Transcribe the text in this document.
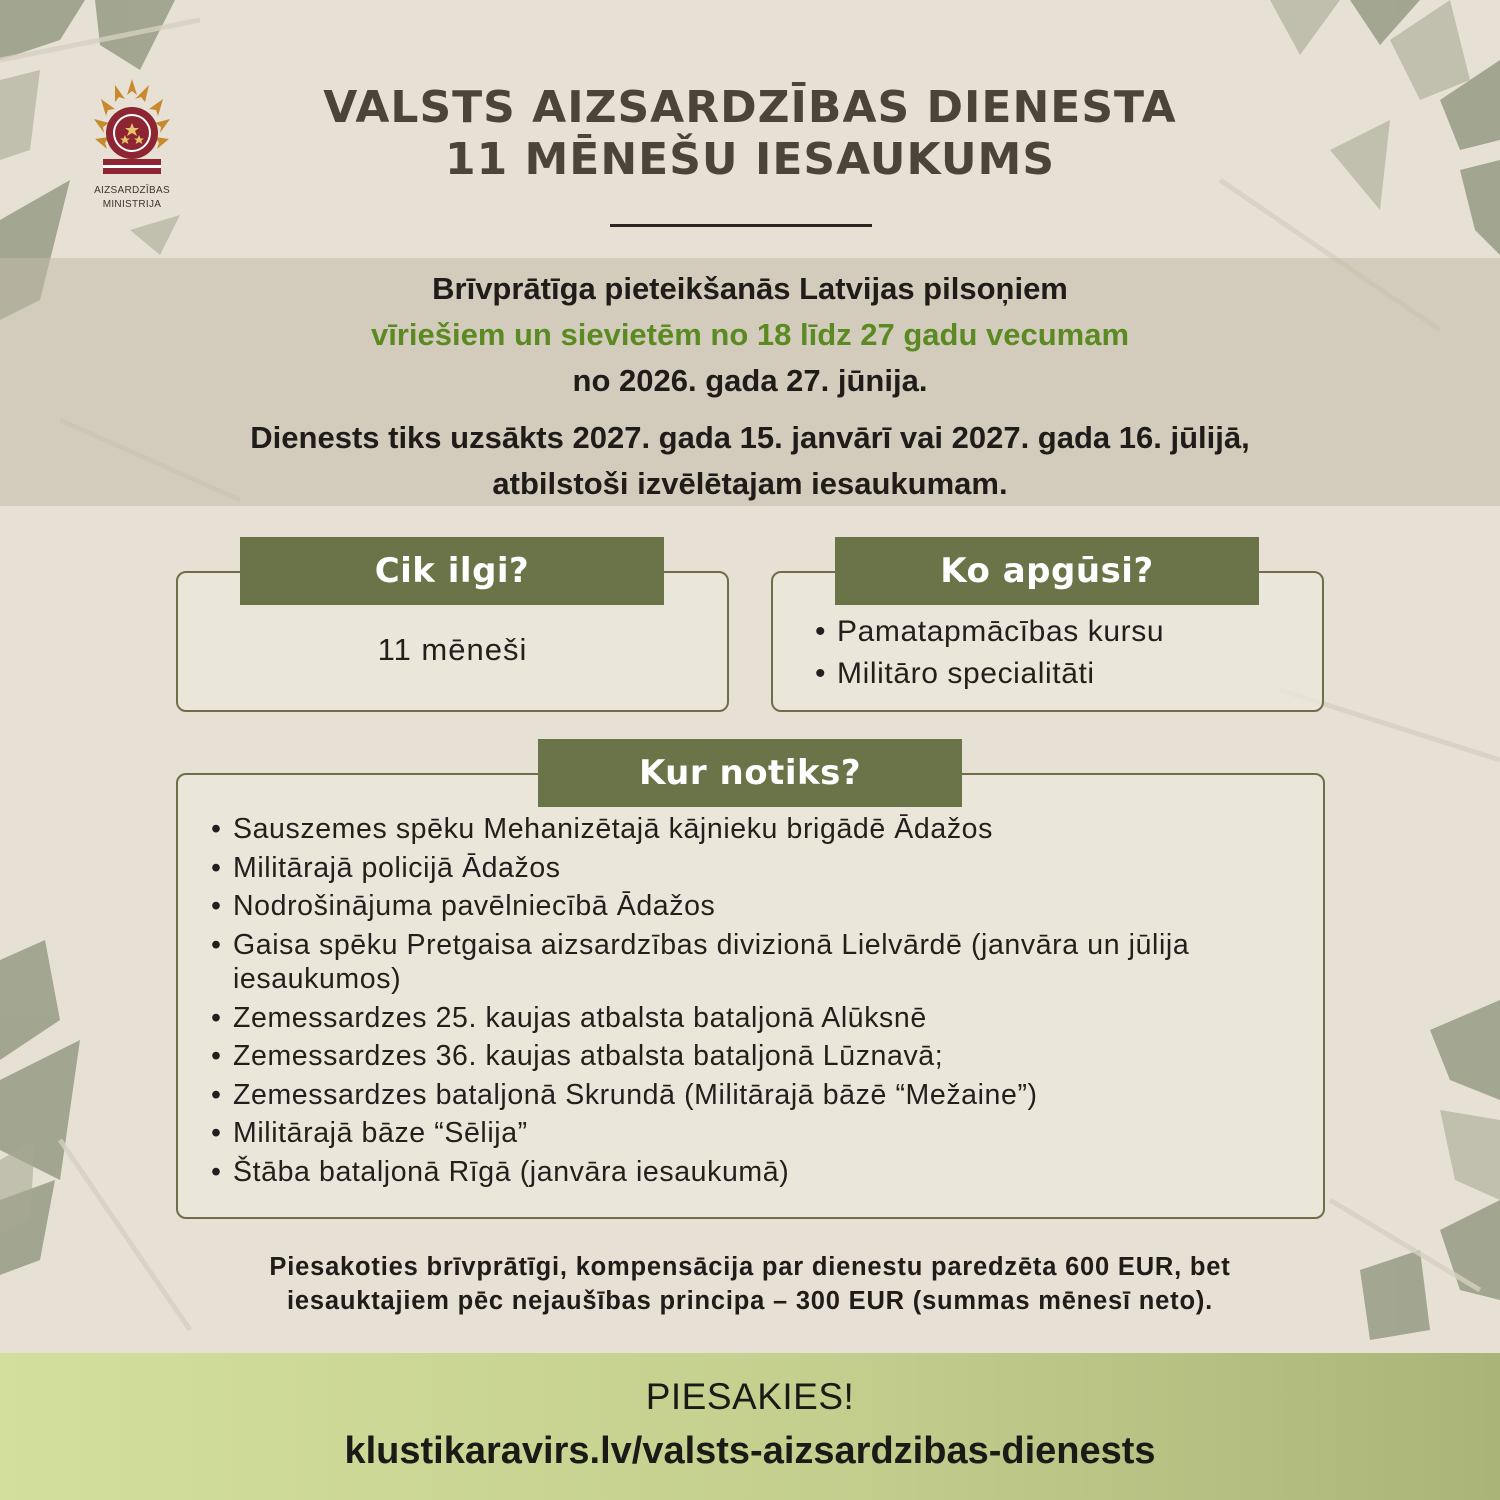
AIZSARDZĪBAS
MINISTRIJA
VALSTS AIZSARDZĪBAS DIENESTA
11 MĒNEŠU IESAUKUMS
Brīvprātīga pieteikšanās Latvijas pilsoņiem
vīriešiem un sievietēm no 18 līdz 27 gadu vecumam
no 2026. gada 27. jūnija.
Dienests tiks uzsākts 2027. gada 15. janvārī vai 2027. gada 16. jūlijā,
atbilstoši izvēlētajam iesaukumam.
Cik ilgi?
11 mēneši
Ko apgūsi?
• Pamatapmācības kursu
• Militāro specialitāti
Kur notiks?
• Sauszemes spēku Mehanizētajā kājnieku brigādē Ādažos
• Militārajā policijā Ādažos
• Nodrošinājuma pavēlniecībā Ādažos
• Gaisa spēku Pretgaisa aizsardzības divizionā Lielvārdē (janvāra un jūlija iesaukumos)
• Zemessardzes 25. kaujas atbalsta bataljonā Alūksnē
• Zemessardzes 36. kaujas atbalsta bataljonā Lūznavā;
• Zemessardzes bataljonā Skrundā (Militārajā bāzē “Mežaine”)
• Militārajā bāze “Sēlija”
• Štāba bataljonā Rīgā (janvāra iesaukumā)
Piesakoties brīvprātīgi, kompensācija par dienestu paredzēta 600 EUR, bet
iesauktajiem pēc nejaušības principa – 300 EUR (summas mēnesī neto).
PIESAKIES!
klustikaravirs.lv/valsts-aizsardzibas-dienests
